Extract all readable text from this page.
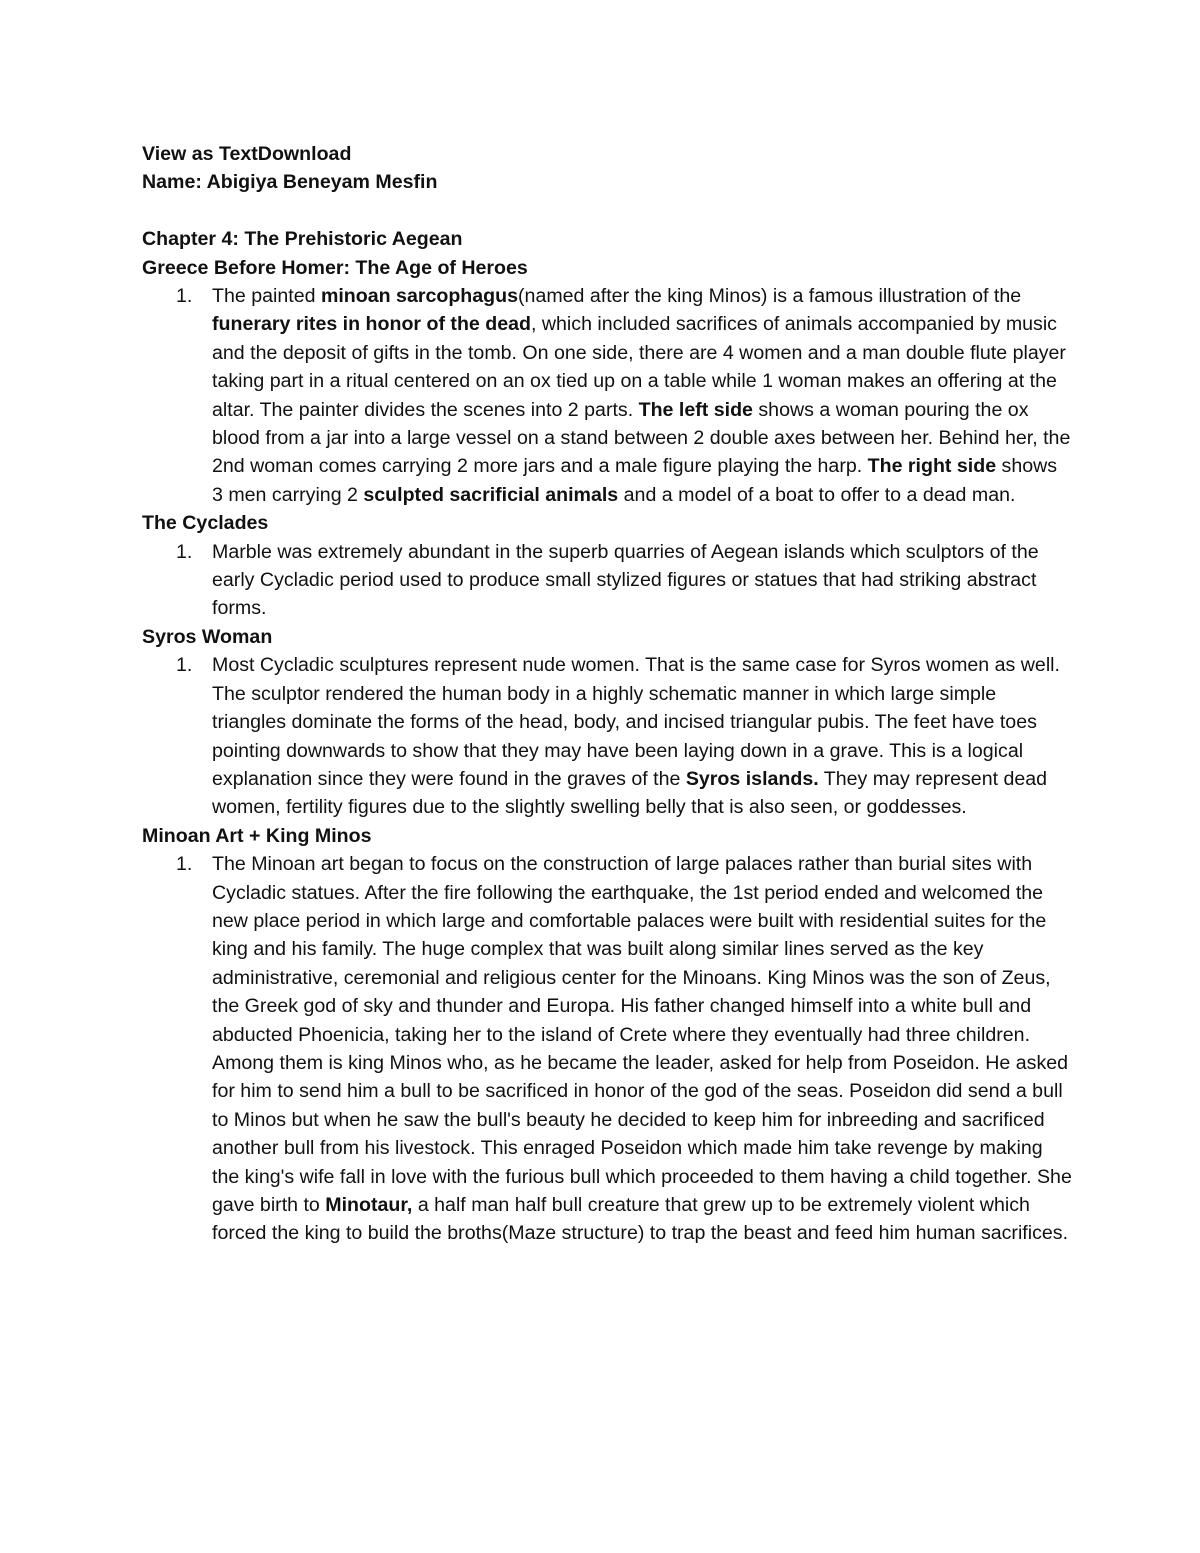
View as TextDownload
Name: Abigiya Beneyam Mesfin
Chapter 4: The Prehistoric Aegean
Greece Before Homer: The Age of Heroes
1. The painted minoan sarcophagus(named after the king Minos) is a famous illustration of the funerary rites in honor of the dead, which included sacrifices of animals accompanied by music and the deposit of gifts in the tomb. On one side, there are 4 women and a man double flute player taking part in a ritual centered on an ox tied up on a table while 1 woman makes an offering at the altar. The painter divides the scenes into 2 parts. The left side shows a woman pouring the ox blood from a jar into a large vessel on a stand between 2 double axes between her. Behind her, the 2nd woman comes carrying 2 more jars and a male figure playing the harp. The right side shows 3 men carrying 2 sculpted sacrificial animals and a model of a boat to offer to a dead man.
The Cyclades
1. Marble was extremely abundant in the superb quarries of Aegean islands which sculptors of the early Cycladic period used to produce small stylized figures or statues that had striking abstract forms.
Syros Woman
1. Most Cycladic sculptures represent nude women. That is the same case for Syros women as well. The sculptor rendered the human body in a highly schematic manner in which large simple triangles dominate the forms of the head, body, and incised triangular pubis. The feet have toes pointing downwards to show that they may have been laying down in a grave. This is a logical explanation since they were found in the graves of the Syros islands. They may represent dead women, fertility figures due to the slightly swelling belly that is also seen, or goddesses.
Minoan Art + King Minos
1. The Minoan art began to focus on the construction of large palaces rather than burial sites with Cycladic statues. After the fire following the earthquake, the 1st period ended and welcomed the new place period in which large and comfortable palaces were built with residential suites for the king and his family. The huge complex that was built along similar lines served as the key administrative, ceremonial and religious center for the Minoans. King Minos was the son of Zeus, the Greek god of sky and thunder and Europa. His father changed himself into a white bull and abducted Phoenicia, taking her to the island of Crete where they eventually had three children. Among them is king Minos who, as he became the leader, asked for help from Poseidon. He asked for him to send him a bull to be sacrificed in honor of the god of the seas. Poseidon did send a bull to Minos but when he saw the bull's beauty he decided to keep him for inbreeding and sacrificed another bull from his livestock. This enraged Poseidon which made him take revenge by making the king's wife fall in love with the furious bull which proceeded to them having a child together. She gave birth to Minotaur, a half man half bull creature that grew up to be extremely violent which forced the king to build the broths(Maze structure) to trap the beast and feed him human sacrifices.
